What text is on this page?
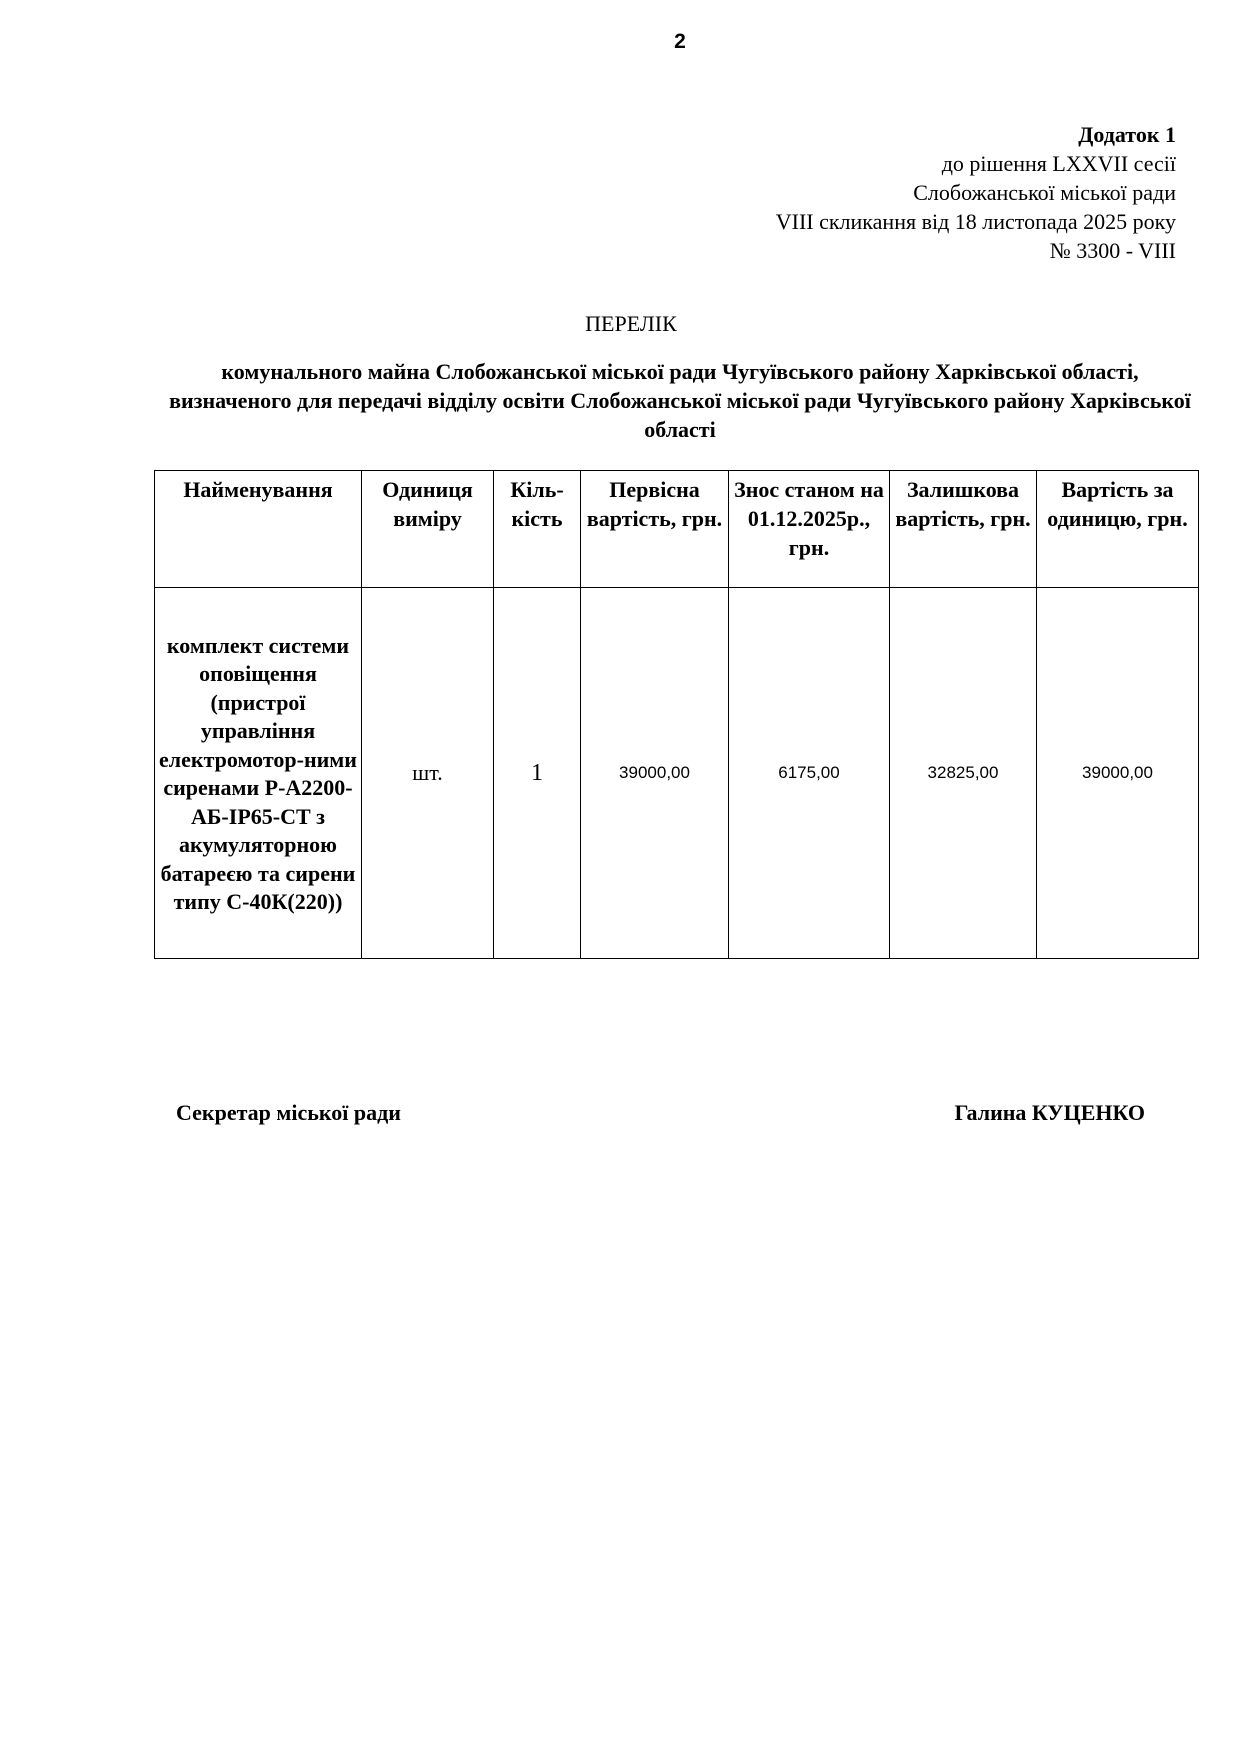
2
Додаток 1
до рішення LXXVII сесії
Слобожанської міської ради
VIII скликання від 18 листопада 2025 року
№ 3300 - VIII
ПЕРЕЛІК
комунального майна Слобожанської міської ради Чугуївського району Харківської області, визначеного для передачі відділу освіти Слобожанської міської ради Чугуївського району Харківської області
Найменування	Одиниця виміру	Кіль-кість	Первісна вартість, грн.	Знос станом на 01.12.2025р., грн.	Залишкова вартість, грн.	Вартість за одиницю, грн.
комплект системи оповіщення (пристрої управління електромотор-ними сиренами Р-А2200-АБ-ІР65-СТ з акумуляторною батареєю та сирени типу С-40К(220))	шт.	1	39000,00	6175,00	32825,00	39000,00
Секретар міської ради	Галина КУЦЕНКО
